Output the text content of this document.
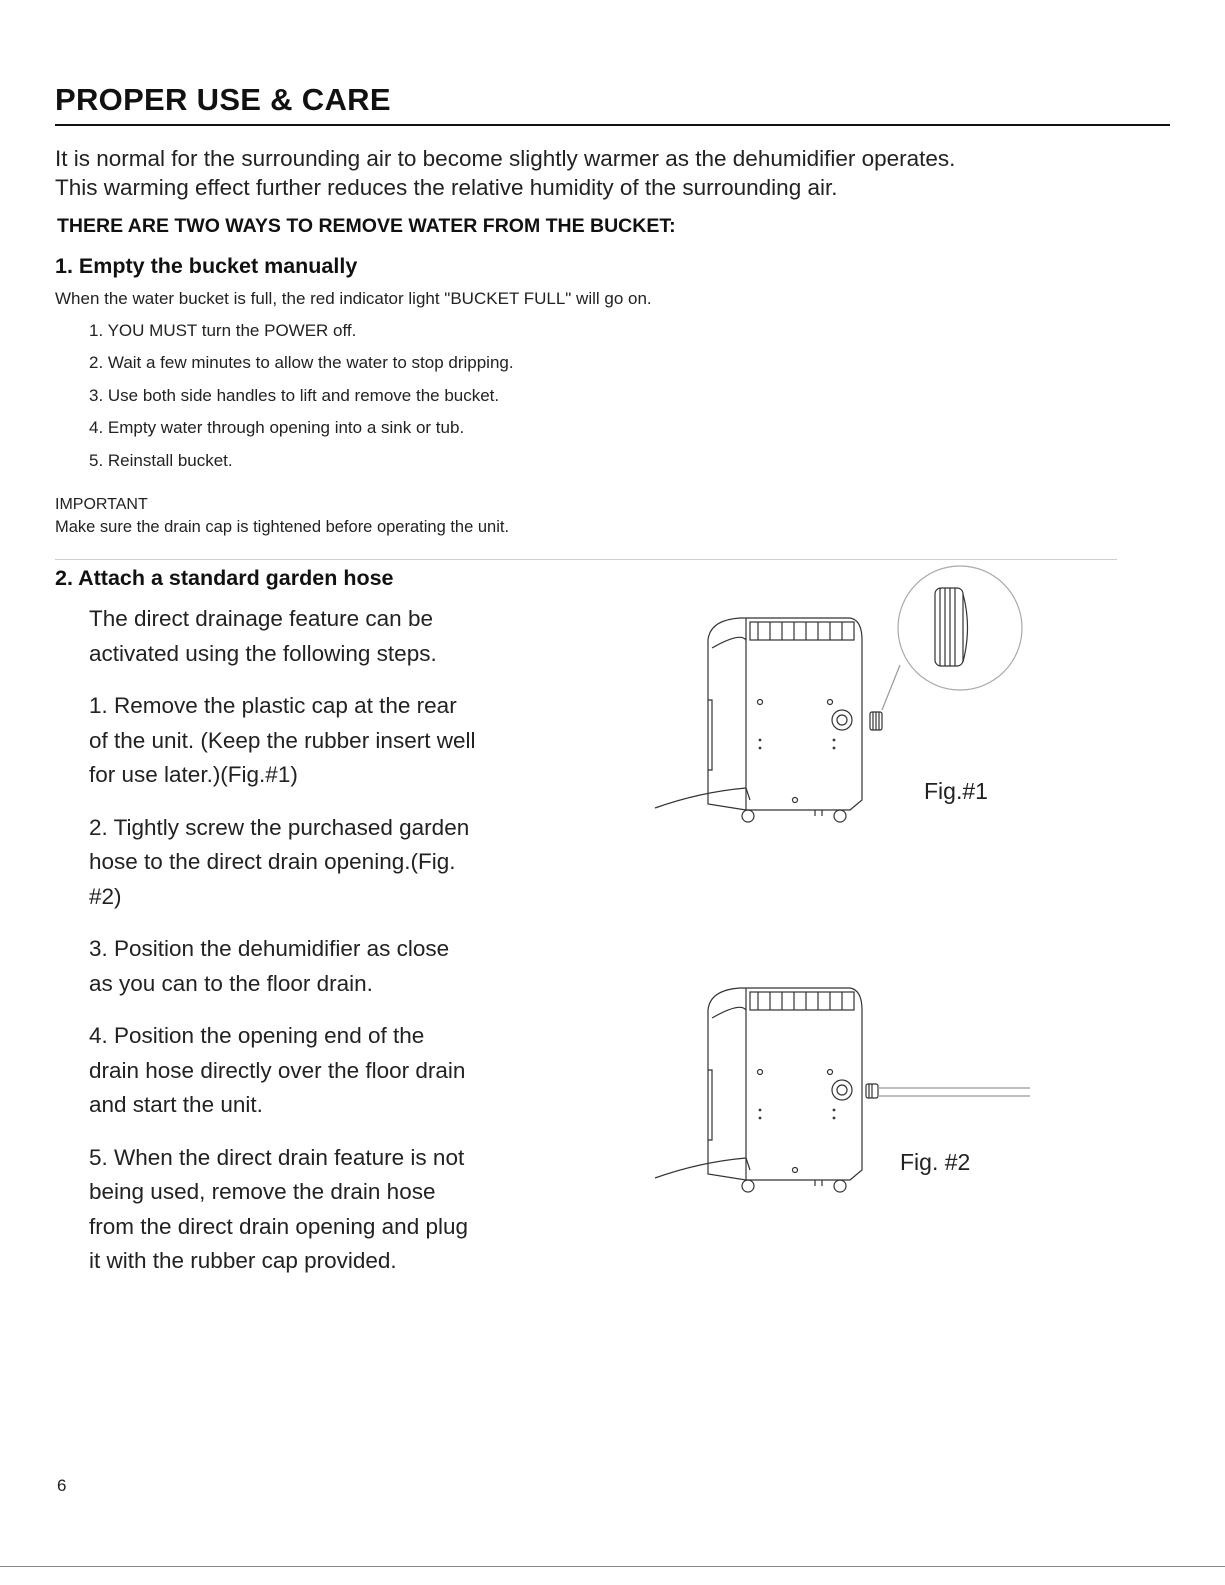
PROPER USE & CARE
It is normal for the surrounding air to become slightly warmer as the dehumidifier operates.
This warming effect further reduces the relative humidity of the surrounding air.
THERE ARE TWO WAYS TO REMOVE WATER FROM THE BUCKET:
1. Empty the bucket manually
When the water bucket is full, the red indicator light "BUCKET FULL" will go on.
1. YOU MUST turn the POWER off.
2. Wait a few minutes to allow the water to stop dripping.
3. Use both side handles to lift and remove the bucket.
4. Empty water through opening into a sink or tub.
5. Reinstall bucket.
IMPORTANT
Make sure the drain cap is tightened before operating the unit.
2. Attach a standard garden hose

The direct drainage feature can be activated using the following steps.

1. Remove the plastic cap at the rear of the unit. (Keep the rubber insert well for use later.)(Fig.#1)

2. Tightly screw the purchased garden hose to the direct drain opening.(Fig. #2)

3. Position the dehumidifier as close as you can to the floor drain.

4. Position the opening end of the drain hose directly over the floor drain and start the unit.

5. When the direct drain feature is not being used, remove the drain hose from the direct drain opening and plug it with the rubber cap provided.

Fig.#1
Fig. #2
6
